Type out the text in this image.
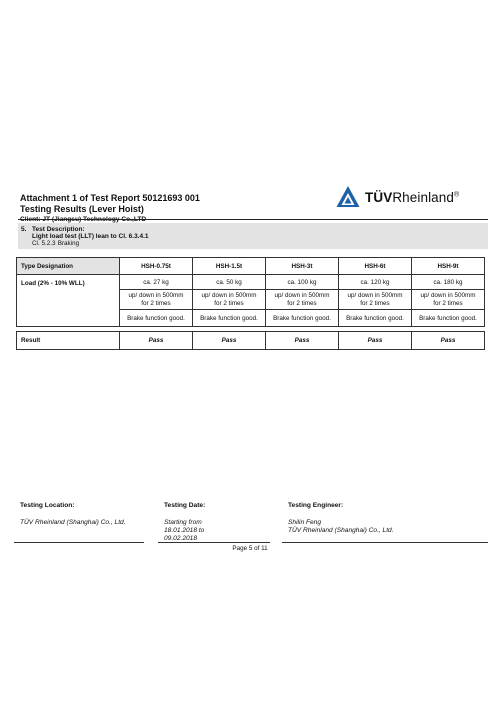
Attachment 1 of Test Report 50121693 001
Testing Results (Lever Hoist)
TÜVRheinland®
5. Test Description:
Light load test (LLT) lean to Cl. 6.3.4.1
Cl. 5.2.3 Braking
Type Designation	HSH-0.75t	HSH-1.5t	HSH-3t	HSH-6t	HSH-9t
Load (2% - 10% WLL)	ca. 27 kg	ca. 50 kg	ca. 100 kg	ca. 120 kg	ca. 180 kg
	up/ down in 500mm
for 2 times	up/ down in 500mm
for 2 times	up/ down in 500mm
for 2 times	up/ down in 500mm
for 2 times	up/ down in 500mm
for 2 times
	Brake function good.	Brake function good.	Brake function good.	Brake function good.	Brake function good.

Result	Pass	Pass	Pass	Pass	Pass
Testing Location:
TÜV Rheinland (Shanghai) Co., Ltd.
Testing Date:
Starting from
18.01.2018 to
09.02.2018
Testing Engineer:
Shilin Feng
TÜV Rheinland (Shanghai) Co., Ltd.
Page 5 of 11
